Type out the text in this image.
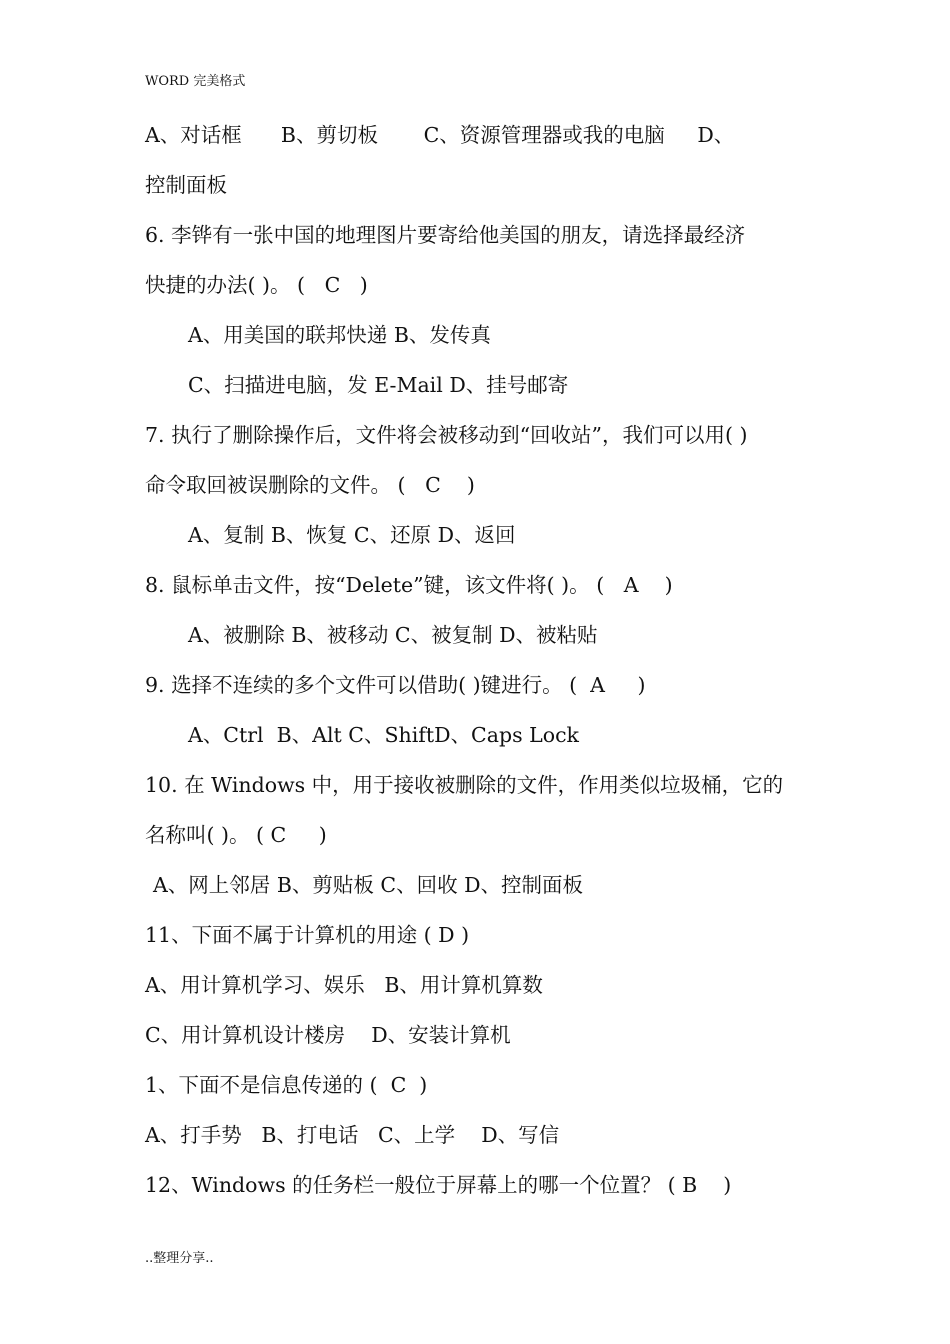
WORD 完美格式
A、对话框      B、剪切板       C、资源管理器或我的电脑     D、
控制面板
6. 李铧有一张中国的地理图片要寄给他美国的朋友，请选择最经济
快捷的办法( )。 (   C   )
A、用美国的联邦快递 B、发传真
C、扫描进电脑，发 E-Mail D、挂号邮寄
7. 执行了删除操作后，文件将会被移动到“回收站”，我们可以用( )
命令取回被误删除的文件。 (   C    )
A、复制 B、恢复 C、还原 D、返回
8. 鼠标单击文件，按“Delete”键，该文件将( )。 (   A    )
A、被删除 B、被移动 C、被复制 D、被粘贴
9. 选择不连续的多个文件可以借助( )键进行。 (  A     )
A、Ctrl  B、Alt C、ShiftD、Caps Lock
10. 在 Windows 中，用于接收被删除的文件，作用类似垃圾桶，它的
名称叫( )。 ( C     )
A、网上邻居 B、剪贴板 C、回收 D、控制面板
11、下面不属于计算机的用途 ( D )
A、用计算机学习、娱乐   B、用计算机算数
C、用计算机设计楼房    D、安装计算机
1、下面不是信息传递的 (  C  )
A、打手势   B、打电话   C、上学    D、写信
12、Windows 的任务栏一般位于屏幕上的哪一个位置？ ( B    )
..整理分享..
